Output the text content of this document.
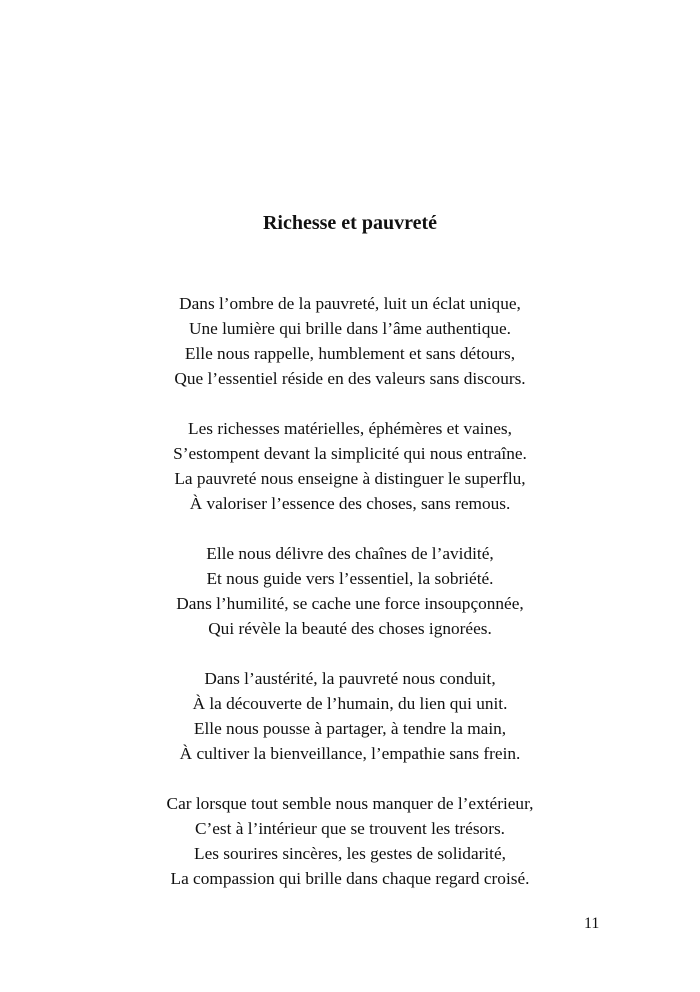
Richesse et pauvreté
Dans l’ombre de la pauvreté, luit un éclat unique,
Une lumière qui brille dans l’âme authentique.
Elle nous rappelle, humblement et sans détours,
Que l’essentiel réside en des valeurs sans discours.
Les richesses matérielles, éphémères et vaines,
S’estompent devant la simplicité qui nous entraîne.
La pauvreté nous enseigne à distinguer le superflu,
À valoriser l’essence des choses, sans remous.
Elle nous délivre des chaînes de l’avidité,
Et nous guide vers l’essentiel, la sobriété.
Dans l’humilité, se cache une force insoupçonnée,
Qui révèle la beauté des choses ignorées.
Dans l’austérité, la pauvreté nous conduit,
À la découverte de l’humain, du lien qui unit.
Elle nous pousse à partager, à tendre la main,
À cultiver la bienveillance, l’empathie sans frein.
Car lorsque tout semble nous manquer de l’extérieur,
C’est à l’intérieur que se trouvent les trésors.
Les sourires sincères, les gestes de solidarité,
La compassion qui brille dans chaque regard croisé.
11
